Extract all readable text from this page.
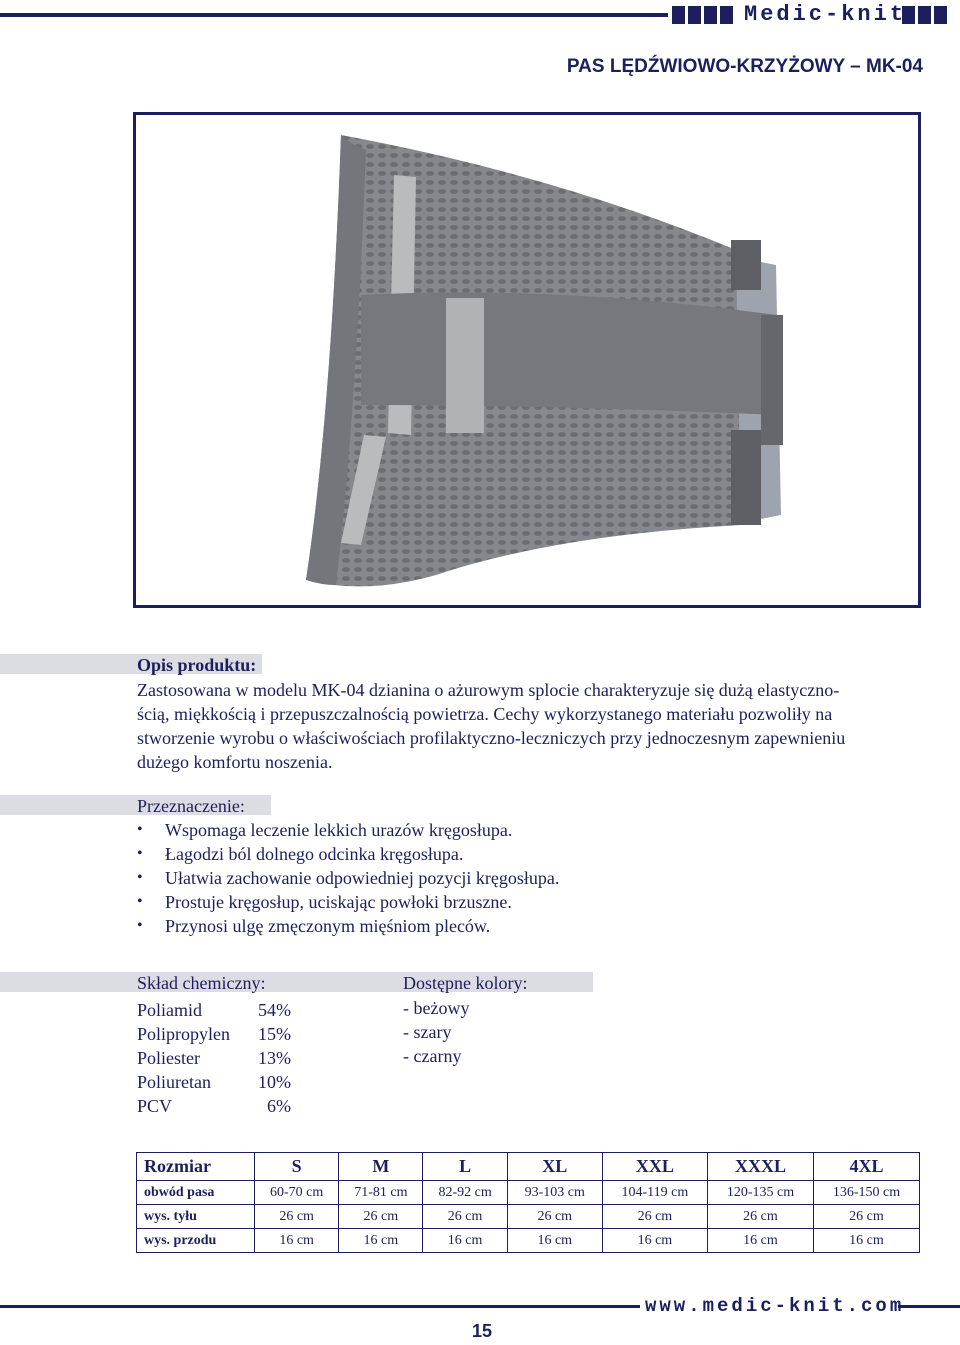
Medic-knit
PAS LĘDŹWIOWO-KRZYŻOWY – MK-04
Opis produktu:
Zastosowana w modelu MK-04 dzianina o ażurowym splocie charakteryzuje się dużą elastyczno-
ścią, miękkością i przepuszczalnością powietrza. Cechy wykorzystanego materiału pozwoliły na
stworzenie wyrobu o właściwościach profilaktyczno-leczniczych przy jednoczesnym zapewnieniu
dużego komfortu noszenia.
Przeznaczenie:
• Wspomaga leczenie lekkich urazów kręgosłupa.
• Łagodzi ból dolnego odcinka kręgosłupa.
• Ułatwia zachowanie odpowiedniej pozycji kręgosłupa.
• Prostuje kręgosłup, uciskając powłoki brzuszne.
• Przynosi ulgę zmęczonym mięśniom pleców.
Skład chemiczny:	Dostępne kolory:
Poliamid	54%
Polipropylen	15%
Poliester	13%
Poliuretan	10%
PCV	6%
- beżowy
- szary
- czarny
Rozmiar	S	M	L	XL	XXL	XXXL	4XL
obwód pasa	60-70 cm	71-81 cm	82-92 cm	93-103 cm	104-119 cm	120-135 cm	136-150 cm
wys. tyłu	26 cm	26 cm	26 cm	26 cm	26 cm	26 cm	26 cm
wys. przodu	16 cm	16 cm	16 cm	16 cm	16 cm	16 cm	16 cm
www.medic-knit.com
15
